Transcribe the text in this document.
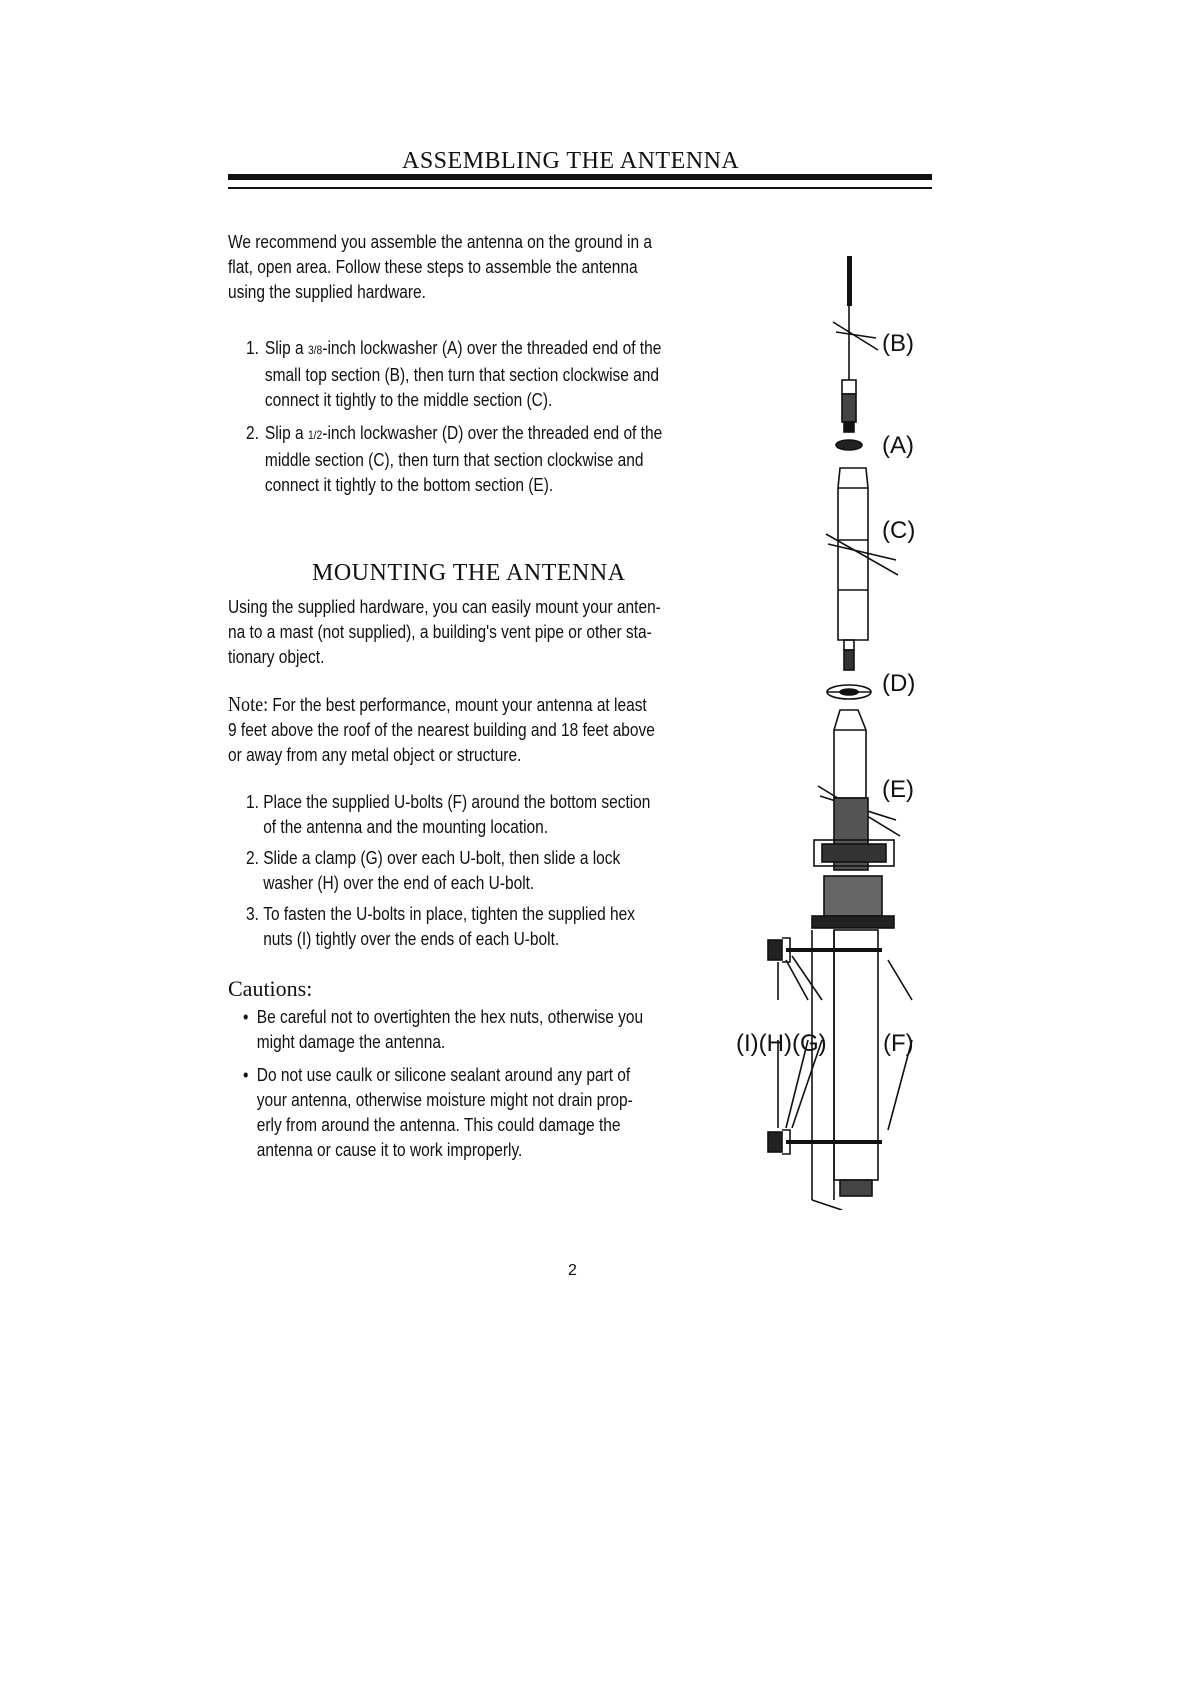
ASSEMBLING THE ANTENNA

We recommend you assemble the antenna on the ground in a

flat, open area. Follow these steps to assemble the antenna

using the supplied hardware.

1. Slip a 3/8-inch lockwasher (A) over the threaded end of the
small top section (B), then turn that section clockwise and
connect it tightly to the middle section (C).
2. Slip a 1/2-inch lockwasher (D) over the threaded end of the
middle section (C), then turn that section clockwise and
connect it tightly to the bottom section (E).
MOUNTING THE ANTENNA

Using the supplied hardware, you can easily mount your anten-

na to a mast (not supplied), a building's vent pipe or other sta-

tionary object.

Note: For the best performance, mount your antenna at least

9 feet above the roof of the nearest building and 18 feet above

or away from any metal object or structure.

1. Place the supplied U-bolts (F) around the bottom section
of the antenna and the mounting location.
2. Slide a clamp (G) over each U-bolt, then slide a lock
washer (H) over the end of each U-bolt.
3. To fasten the U-bolts in place, tighten the supplied hex
nuts (I) tightly over the ends of each U-bolt.
Cautions:
• Be careful not to overtighten the hex nuts, otherwise you
might damage the antenna.
• Do not use caulk or silicone sealant around any part of
your antenna, otherwise moisture might not drain prop-
erly from around the antenna. This could damage the
antenna or cause it to work improperly.
(B)
(A)
(C)
(D)
(E)
(I)(H)(G) (F)
2
